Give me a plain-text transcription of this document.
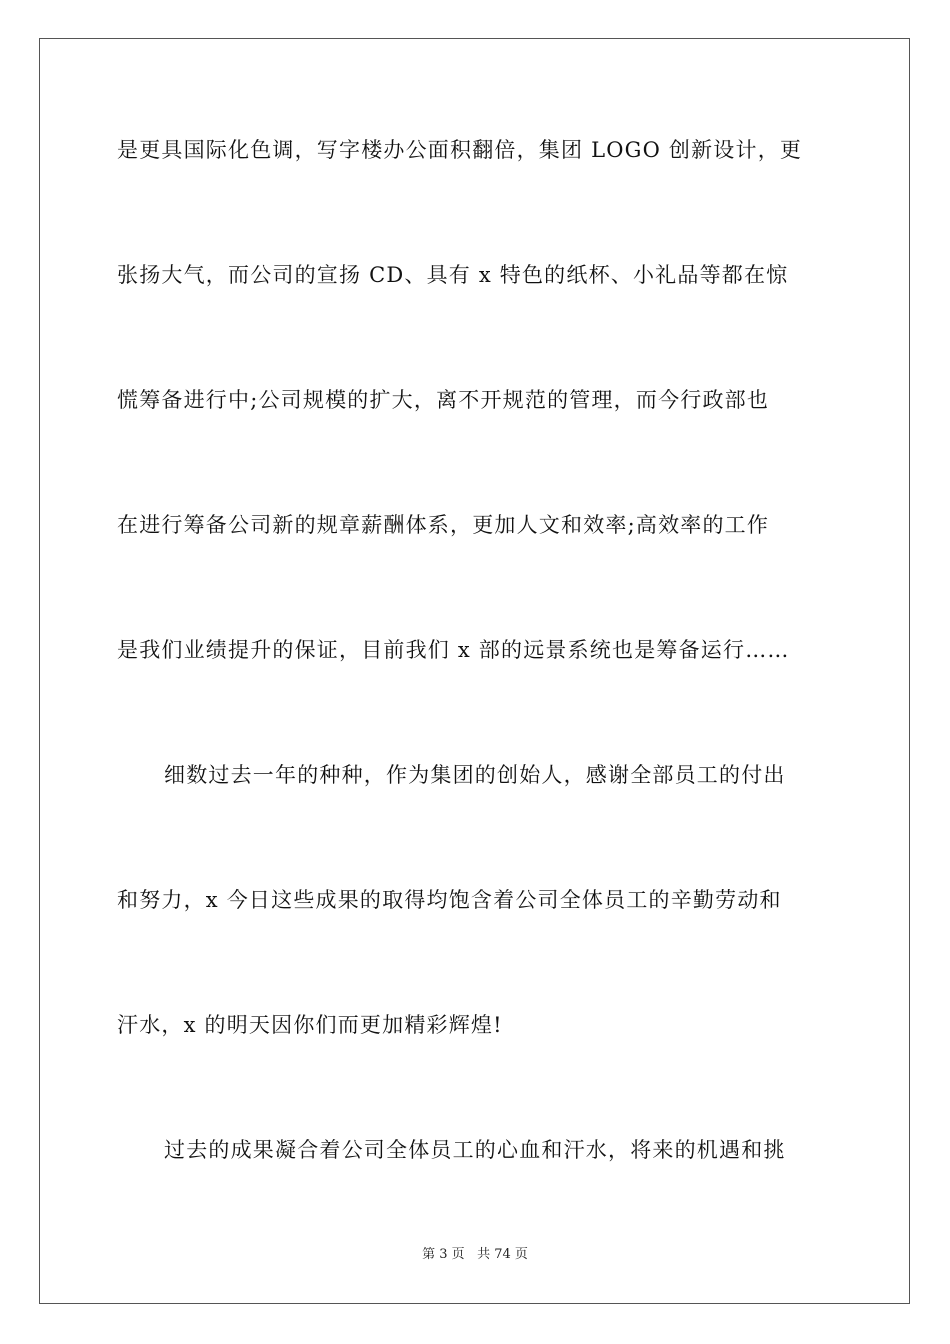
是更具国际化色调，写字楼办公面积翻倍，集团 LOGO 创新设计，更
张扬大气，而公司的宣扬 CD、具有 x 特色的纸杯、小礼品等都在惊
慌筹备进行中;公司规模的扩大，离不开规范的管理，而今行政部也
在进行筹备公司新的规章薪酬体系，更加人文和效率;高效率的工作
是我们业绩提升的保证，目前我们 x 部的远景系统也是筹备运行……
细数过去一年的种种，作为集团的创始人，感谢全部员工的付出
和努力，x 今日这些成果的取得均饱含着公司全体员工的辛勤劳动和
汗水，x 的明天因你们而更加精彩辉煌!
过去的成果凝合着公司全体员工的心血和汗水，将来的机遇和挑
第 3 页 共 74 页
